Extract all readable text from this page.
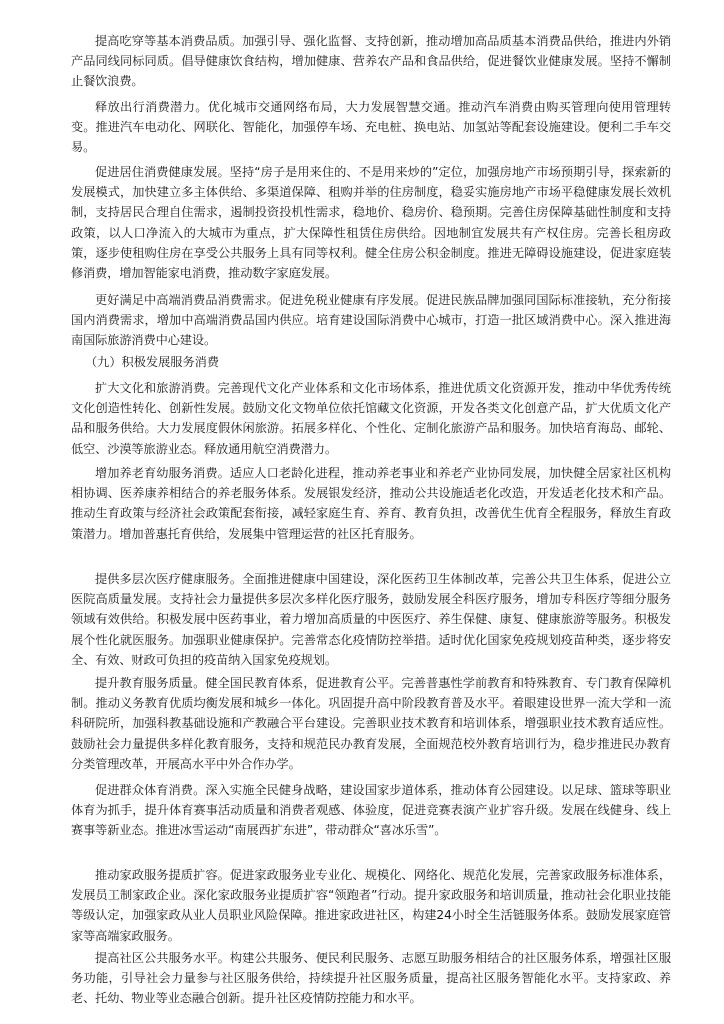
提高吃穿等基本消费品质。加强引导、强化监督、支持创新，推动增加高品质基本消费品供给，推进内外销产品同线同标同质。倡导健康饮食结构，增加健康、营养农产品和食品供给，促进餐饮业健康发展。坚持不懈制止餐饮浪费。

释放出行消费潜力。优化城市交通网络布局，大力发展智慧交通。推动汽车消费由购买管理向使用管理转变。推进汽车电动化、网联化、智能化，加强停车场、充电桩、换电站、加氢站等配套设施建设。便利二手车交易。

促进居住消费健康发展。坚持“房子是用来住的、不是用来炒的”定位，加强房地产市场预期引导，探索新的发展模式，加快建立多主体供给、多渠道保障、租购并举的住房制度，稳妥实施房地产市场平稳健康发展长效机制，支持居民合理自住需求，遏制投资投机性需求，稳地价、稳房价、稳预期。完善住房保障基础性制度和支持政策，以人口净流入的大城市为重点，扩大保障性租赁住房供给。因地制宜发展共有产权住房。完善长租房政策，逐步使租购住房在享受公共服务上具有同等权利。健全住房公积金制度。推进无障碍设施建设，促进家庭装修消费，增加智能家电消费，推动数字家庭发展。

更好满足中高端消费品消费需求。促进免税业健康有序发展。促进民族品牌加强同国际标准接轨，充分衔接国内消费需求，增加中高端消费品国内供应。培育建设国际消费中心城市，打造一批区域消费中心。深入推进海南国际旅游消费中心建设。

（九）积极发展服务消费

扩大文化和旅游消费。完善现代文化产业体系和文化市场体系，推进优质文化资源开发，推动中华优秀传统文化创造性转化、创新性发展。鼓励文化文物单位依托馆藏文化资源，开发各类文化创意产品，扩大优质文化产品和服务供给。大力发展度假休闲旅游。拓展多样化、个性化、定制化旅游产品和服务。加快培育海岛、邮轮、低空、沙漠等旅游业态。释放通用航空消费潜力。

增加养老育幼服务消费。适应人口老龄化进程，推动养老事业和养老产业协同发展，加快健全居家社区机构相协调、医养康养相结合的养老服务体系。发展银发经济，推动公共设施适老化改造，开发适老化技术和产品。推动生育政策与经济社会政策配套衔接，减轻家庭生育、养育、教育负担，改善优生优育全程服务，释放生育政策潜力。增加普惠托育供给，发展集中管理运营的社区托育服务。

提供多层次医疗健康服务。全面推进健康中国建设，深化医药卫生体制改革，完善公共卫生体系，促进公立医院高质量发展。支持社会力量提供多层次多样化医疗服务，鼓励发展全科医疗服务，增加专科医疗等细分服务领域有效供给。积极发展中医药事业，着力增加高质量的中医医疗、养生保健、康复、健康旅游等服务。积极发展个性化就医服务。加强职业健康保护。完善常态化疫情防控举措。适时优化国家免疫规划疫苗种类，逐步将安全、有效、财政可负担的疫苗纳入国家免疫规划。

提升教育服务质量。健全国民教育体系，促进教育公平。完善普惠性学前教育和特殊教育、专门教育保障机制。推动义务教育优质均衡发展和城乡一体化。巩固提升高中阶段教育普及水平。着眼建设世界一流大学和一流科研院所，加强科教基础设施和产教融合平台建设。完善职业技术教育和培训体系，增强职业技术教育适应性。鼓励社会力量提供多样化教育服务，支持和规范民办教育发展，全面规范校外教育培训行为，稳步推进民办教育分类管理改革，开展高水平中外合作办学。

促进群众体育消费。深入实施全民健身战略，建设国家步道体系，推动体育公园建设。以足球、篮球等职业体育为抓手，提升体育赛事活动质量和消费者观感、体验度，促进竞赛表演产业扩容升级。发展在线健身、线上赛事等新业态。推进冰雪运动“南展西扩东进”，带动群众“喜冰乐雪”。

推动家政服务提质扩容。促进家政服务业专业化、规模化、网络化、规范化发展，完善家政服务标准体系，发展员工制家政企业。深化家政服务业提质扩容“领跑者”行动。提升家政服务和培训质量，推动社会化职业技能等级认定，加强家政从业人员职业风险保障。推进家政进社区，构建24小时全生活链服务体系。鼓励发展家庭管家等高端家政服务。

提高社区公共服务水平。构建公共服务、便民利民服务、志愿互助服务相结合的社区服务体系，增强社区服务功能，引导社会力量参与社区服务供给，持续提升社区服务质量，提高社区服务智能化水平。支持家政、养老、托幼、物业等业态融合创新。提升社区疫情防控能力和水平。
